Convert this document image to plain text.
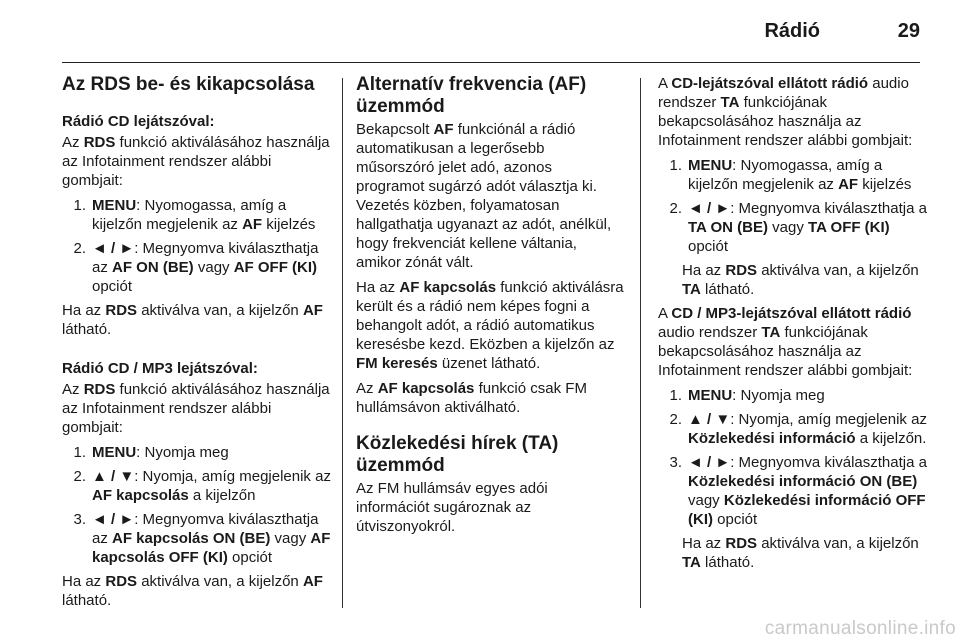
Rádió	29
Az RDS be- és kikapcsolása
Rádió CD lejátszóval:

Az RDS funkció aktiválásához használja az Infotainment rendszer alábbi gombjait:

1. MENU: Nyomogassa, amíg a kijelzőn megjelenik az AF kijelzés
2. ◄ / ►: Megnyomva kiválaszthatja az AF ON (BE) vagy AF OFF (KI) opciót

Ha az RDS aktiválva van, a kijelzőn AF látható.

Rádió CD / MP3 lejátszóval:

Az RDS funkció aktiválásához használja az Infotainment rendszer alábbi gombjait:

1. MENU: Nyomja meg
2. ▲ / ▼: Nyomja, amíg megjelenik az AF kapcsolás a kijelzőn
3. ◄ / ►: Megnyomva kiválaszthatja az AF kapcsolás ON (BE) vagy AF kapcsolás OFF (KI) opciót

Ha az RDS aktiválva van, a kijelzőn AF látható.

Alternatív frekvencia (AF) üzemmód

Bekapcsolt AF funkciónál a rádió automatikusan a legerősebb műsorszóró jelet adó, azonos programot sugárzó adót választja ki. Vezetés közben, folyamatosan hallgathatja ugyanazt az adót, anélkül, hogy frekvenciát kellene váltania, amikor zónát vált.

Ha az AF kapcsolás funkció aktiválásra került és a rádió nem képes fogni a behangolt adót, a rádió automatikus keresésbe kezd. Eközben a kijelzőn az FM keresés üzenet látható.

Az AF kapcsolás funkció csak FM hullámsávon aktiválható.

Közlekedési hírek (TA) üzemmód

Az FM hullámsáv egyes adói információt sugároznak az útviszonyokról.

A CD-lejátszóval ellátott rádió audio rendszer TA funkciójának bekapcsolásához használja az Infotainment rendszer alábbi gombjait:

1. MENU: Nyomogassa, amíg a kijelzőn megjelenik az AF kijelzés
2. ◄ / ►: Megnyomva kiválaszthatja a TA ON (BE) vagy TA OFF (KI) opciót
Ha az RDS aktiválva van, a kijelzőn TA látható.

A CD / MP3-lejátszóval ellátott rádió audio rendszer TA funkciójának bekapcsolásához használja az Infotainment rendszer alábbi gombjait:

1. MENU: Nyomja meg
2. ▲ / ▼: Nyomja, amíg megjelenik az Közlekedési információ a kijelzőn.
3. ◄ / ►: Megnyomva kiválaszthatja a Közlekedési információ ON (BE) vagy Közlekedési információ OFF (KI) opciót
Ha az RDS aktiválva van, a kijelzőn TA látható.
carmanualsonline.info
